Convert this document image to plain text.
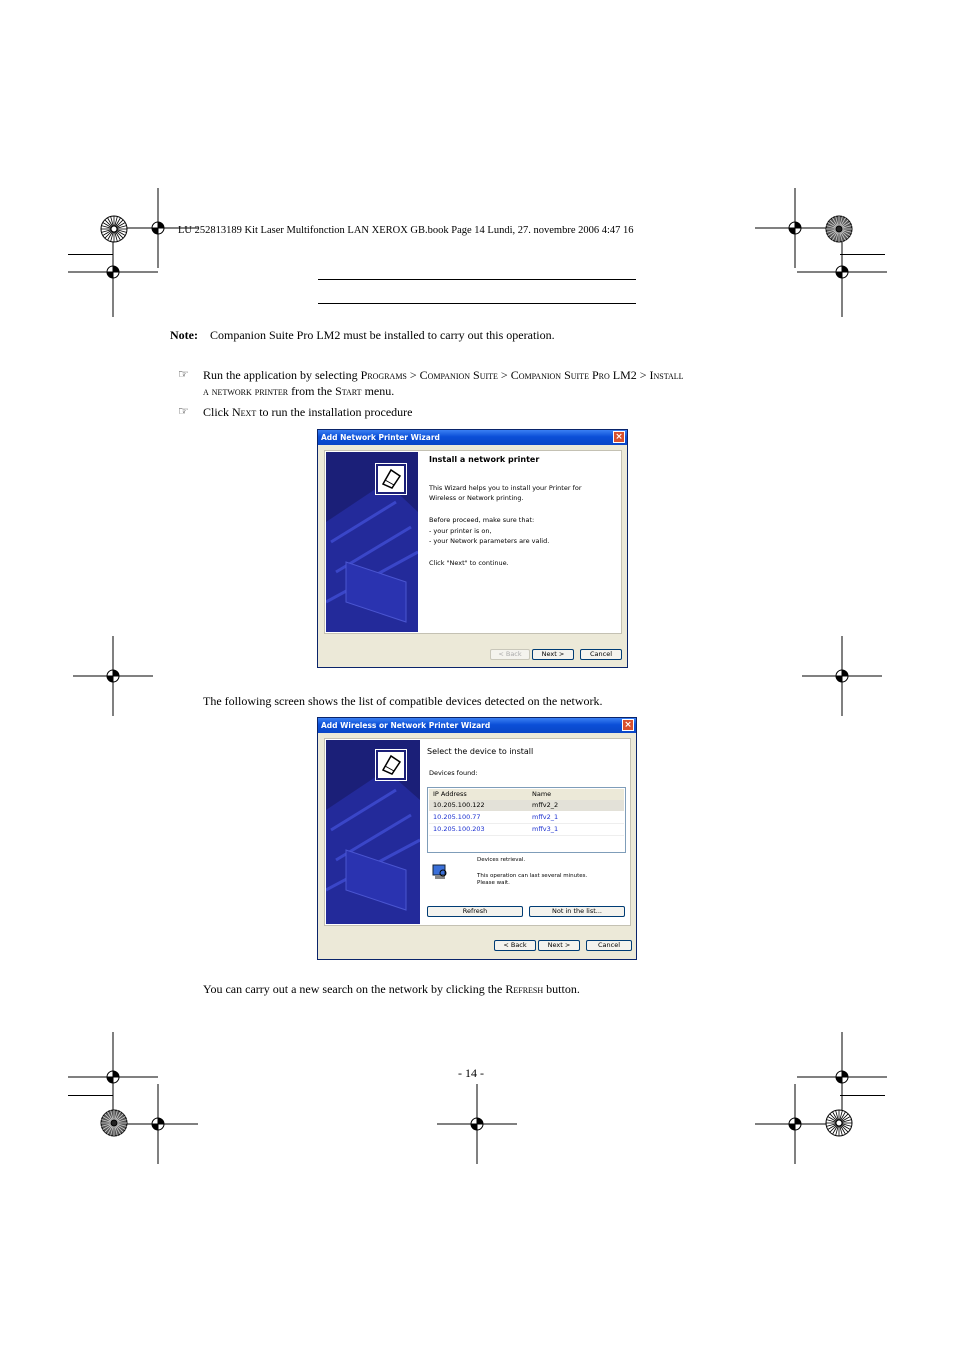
LU 252813189 Kit Laser Multifonction LAN XEROX GB.book Page 14 Lundi, 27. novembre 2006 4:47 16
Note: Companion Suite Pro LM2 must be installed to carry out this operation.
☞ Run the application by selecting Programs > Companion Suite > Companion Suite Pro LM2 > Install
a network printer from the Start menu.
☞ Click Next to run the installation procedure
Add Network Printer Wizard	×
Install a network printer
This Wizard helps you to install your Printer for
Wireless or Network printing.
Before proceed, make sure that:
- your printer is on,
- your Network parameters are valid.
Click "Next" to continue.
< Back	Next >	Cancel
The following screen shows the list of compatible devices detected on the network.
Add Wireless or Network Printer Wizard	×
Select the device to install
Devices found:
IP Address	Name
10.205.100.122	mffv2_2
10.205.100.77	mffv2_1
10.205.100.203	mffv3_1
Devices retrieval.
This operation can last several minutes.
Please wait.
Refresh	Not in the list...
< Back	Next >	Cancel
You can carry out a new search on the network by clicking the Refresh button.
- 14 -
